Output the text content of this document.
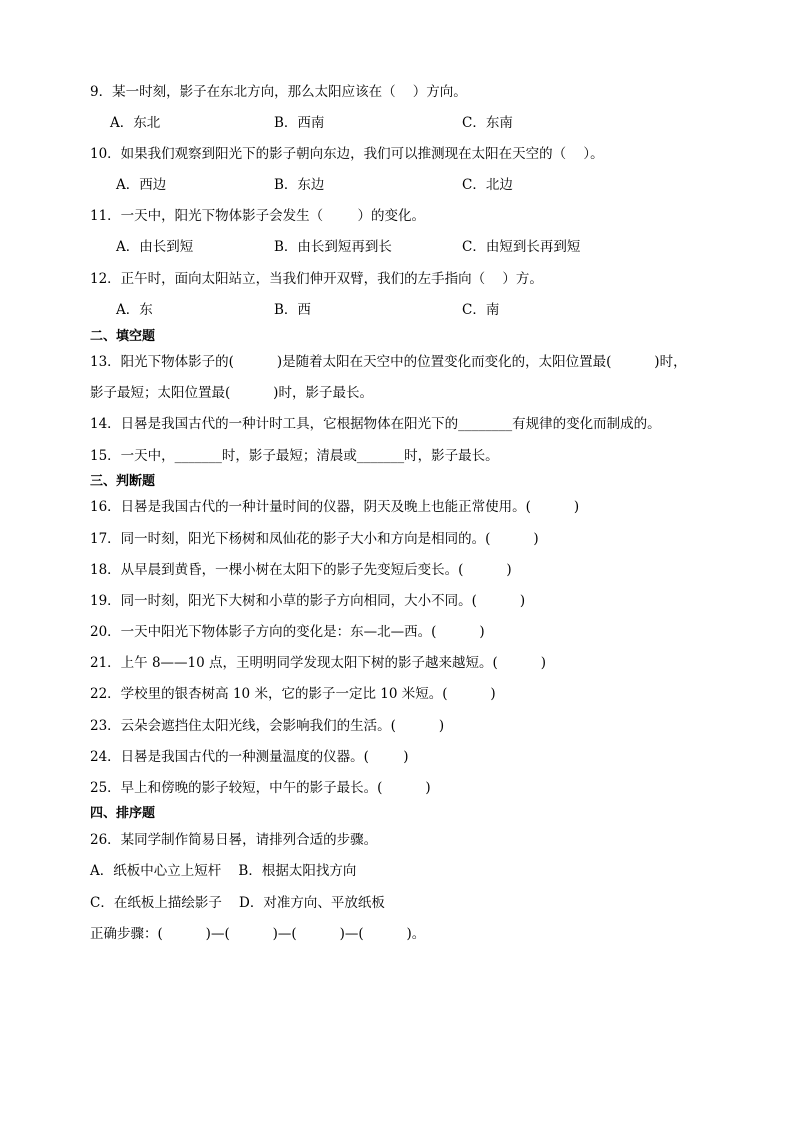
9．某一时刻，影子在东北方向，那么太阳应该在（    ）方向。
A．东北	B．西南	C．东南
10．如果我们观察到阳光下的影子朝向东边，我们可以推测现在太阳在天空的（    ）。
A．西边	B．东边	C．北边
11．一天中，阳光下物体影子会发生（        ）的变化。
A．由长到短	B．由长到短再到长	C．由短到长再到短
12．正午时，面向太阳站立，当我们伸开双臂，我们的左手指向（    ）方。
A．东	B．西	C．南
二、填空题
13．阳光下物体影子的(          )是随着太阳在天空中的位置变化而变化的，太阳位置最(          )时，
影子最短；太阳位置最(          )时，影子最长。
14．日晷是我国古代的一种计时工具，它根据物体在阳光下的________有规律的变化而制成的。
15．一天中，_______时，影子最短；清晨或_______时，影子最长。
三、判断题
16．日晷是我国古代的一种计量时间的仪器，阴天及晚上也能正常使用。(          )
17．同一时刻，阳光下杨树和凤仙花的影子大小和方向是相同的。(          )
18．从早晨到黄昏，一棵小树在太阳下的影子先变短后变长。(          )
19．同一时刻，阳光下大树和小草的影子方向相同，大小不同。(          )
20．一天中阳光下物体影子方向的变化是：东—北—西。(          )
21．上午 8——10 点，王明明同学发现太阳下树的影子越来越短。(          )
22．学校里的银杏树高 10 米，它的影子一定比 10 米短。(          )
23．云朵会遮挡住太阳光线，会影响我们的生活。(          )
24．日晷是我国古代的一种测量温度的仪器。(        )
25．早上和傍晚的影子较短，中午的影子最长。(          )
四、排序题
26．某同学制作简易日晷，请排列合适的步骤。
A．纸板中心立上短杆    B．根据太阳找方向
C．在纸板上描绘影子    D．对准方向、平放纸板
正确步骤：(          )—(          )—(          )—(          )。
